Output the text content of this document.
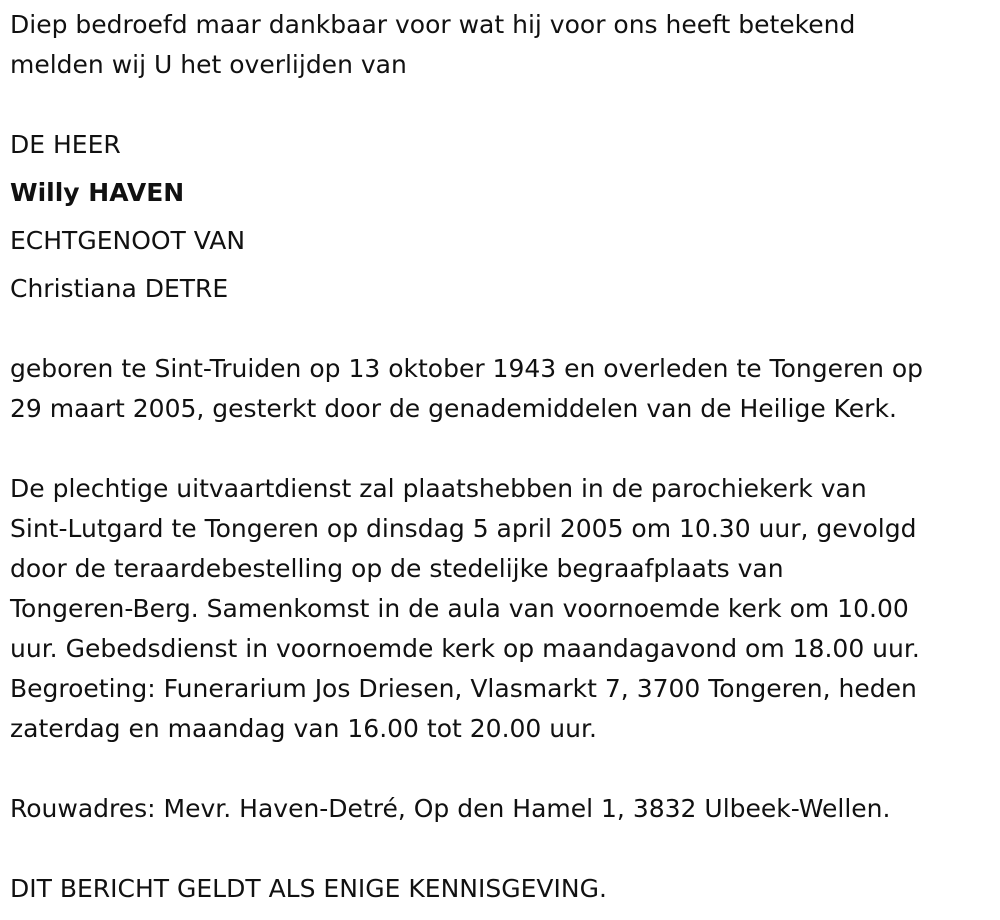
Diep bedroefd maar dankbaar voor wat hij voor ons heeft betekend

melden wij U het overlijden van

DE HEER

Willy HAVEN

ECHTGENOOT VAN

Christiana DETRE

geboren te Sint-Truiden op 13 oktober 1943 en overleden te Tongeren op

29 maart 2005, gesterkt door de genademiddelen van de Heilige Kerk.

De plechtige uitvaartdienst zal plaatshebben in de parochiekerk van

Sint-Lutgard te Tongeren op dinsdag 5 april 2005 om 10.30 uur, gevolgd

door de teraardebestelling op de stedelijke begraafplaats van

Tongeren-Berg. Samenkomst in de aula van voornoemde kerk om 10.00

uur. Gebedsdienst in voornoemde kerk op maandagavond om 18.00 uur.

Begroeting: Funerarium Jos Driesen, Vlasmarkt 7, 3700 Tongeren, heden

zaterdag en maandag van 16.00 tot 20.00 uur.

Rouwadres: Mevr. Haven-Detré, Op den Hamel 1, 3832 Ulbeek-Wellen.

DIT BERICHT GELDT ALS ENIGE KENNISGEVING.
